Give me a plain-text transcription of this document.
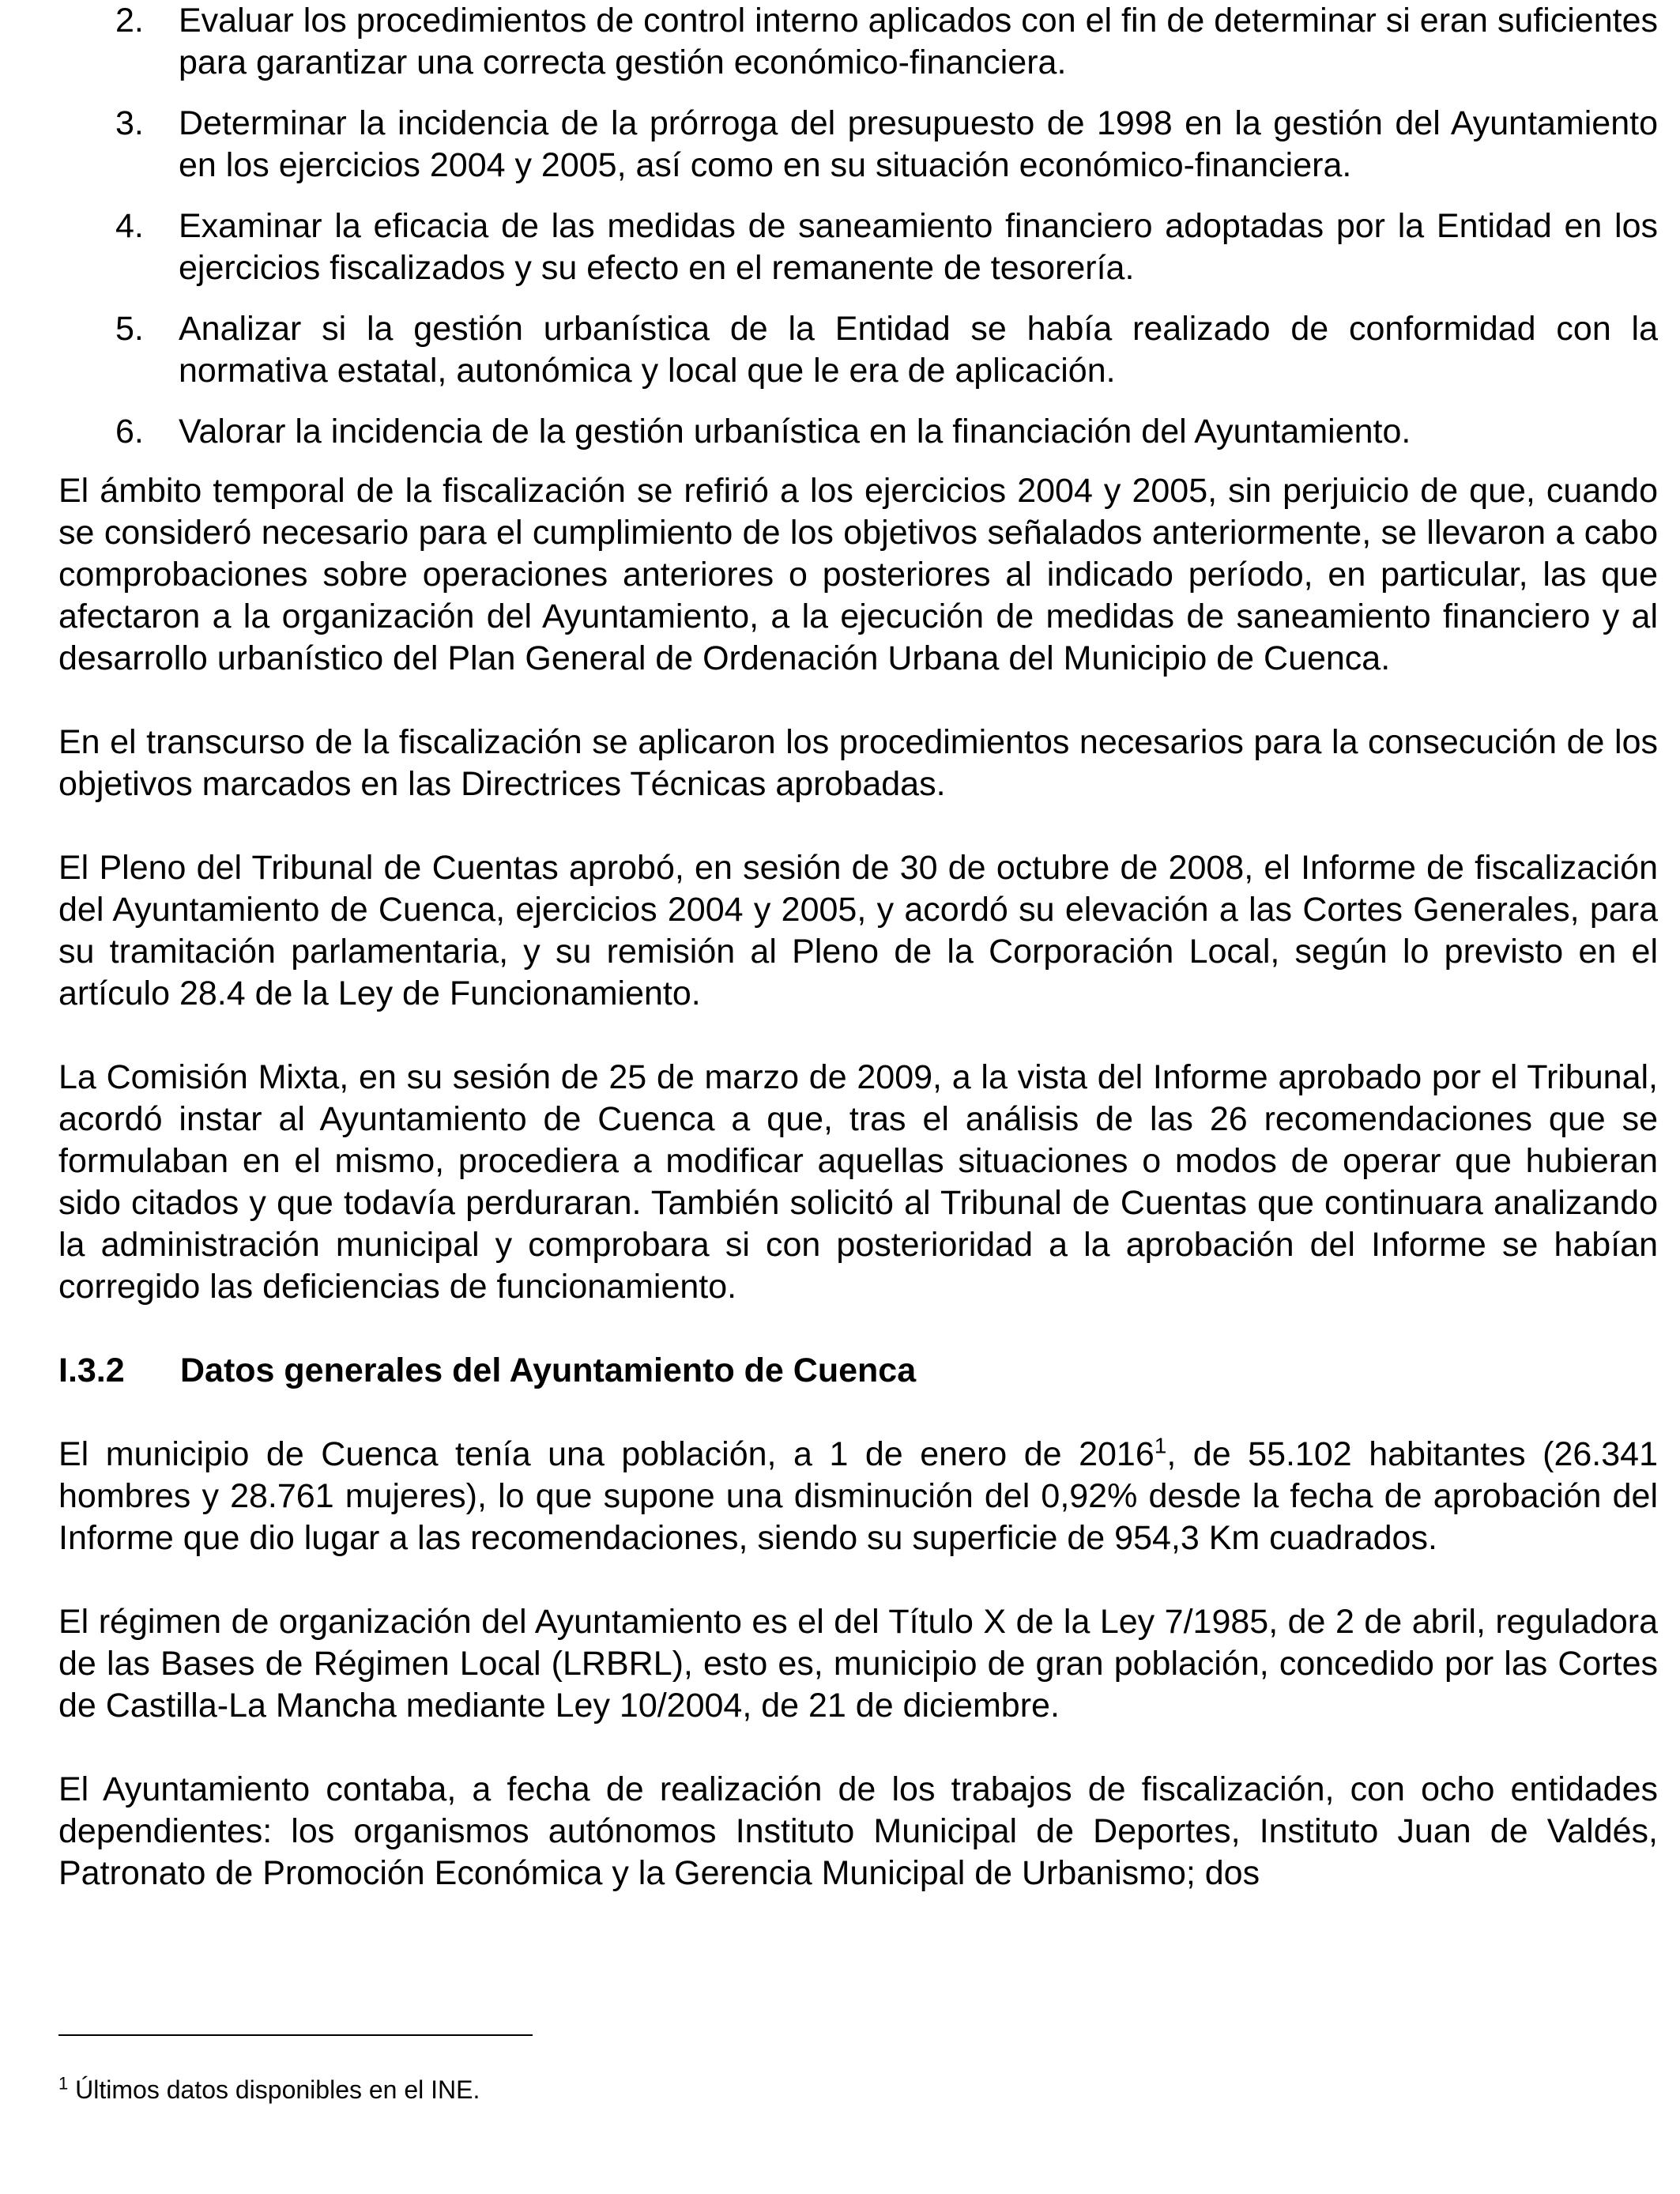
2. Evaluar los procedimientos de control interno aplicados con el fin de determinar si eran suficientes para garantizar una correcta gestión económico-financiera.
3. Determinar la incidencia de la prórroga del presupuesto de 1998 en la gestión del Ayuntamiento en los ejercicios 2004 y 2005, así como en su situación económico-financiera.
4. Examinar la eficacia de las medidas de saneamiento financiero adoptadas por la Entidad en los ejercicios fiscalizados y su efecto en el remanente de tesorería.
5. Analizar si la gestión urbanística de la Entidad se había realizado de conformidad con la normativa estatal, autonómica y local que le era de aplicación.
6. Valorar la incidencia de la gestión urbanística en la financiación del Ayuntamiento.

El ámbito temporal de la fiscalización se refirió a los ejercicios 2004 y 2005, sin perjuicio de que, cuando se consideró necesario para el cumplimiento de los objetivos señalados anteriormente, se llevaron a cabo comprobaciones sobre operaciones anteriores o posteriores al indicado período, en particular, las que afectaron a la organización del Ayuntamiento, a la ejecución de medidas de saneamiento financiero y al desarrollo urbanístico del Plan General de Ordenación Urbana del Municipio de Cuenca.

En el transcurso de la fiscalización se aplicaron los procedimientos necesarios para la consecución de los objetivos marcados en las Directrices Técnicas aprobadas.

El Pleno del Tribunal de Cuentas aprobó, en sesión de 30 de octubre de 2008, el Informe de fiscalización del Ayuntamiento de Cuenca, ejercicios 2004 y 2005, y acordó su elevación a las Cortes Generales, para su tramitación parlamentaria, y su remisión al Pleno de la Corporación Local, según lo previsto en el artículo 28.4 de la Ley de Funcionamiento.

La Comisión Mixta, en su sesión de 25 de marzo de 2009, a la vista del Informe aprobado por el Tribunal, acordó instar al Ayuntamiento de Cuenca a que, tras el análisis de las 26 recomendaciones que se formulaban en el mismo, procediera a modificar aquellas situaciones o modos de operar que hubieran sido citados y que todavía perduraran. También solicitó al Tribunal de Cuentas que continuara analizando la administración municipal y comprobara si con posterioridad a la aprobación del Informe se habían corregido las deficiencias de funcionamiento.

I.3.2	Datos generales del Ayuntamiento de Cuenca

El municipio de Cuenca tenía una población, a 1 de enero de 2016$^1$, de 55.102 habitantes (26.341 hombres y 28.761 mujeres), lo que supone una disminución del 0,92% desde la fecha de aprobación del Informe que dio lugar a las recomendaciones, siendo su superficie de 954,3 Km cuadrados.

El régimen de organización del Ayuntamiento es el del Título X de la Ley 7/1985, de 2 de abril, reguladora de las Bases de Régimen Local (LRBRL), esto es, municipio de gran población, concedido por las Cortes de Castilla-La Mancha mediante Ley 10/2004, de 21 de diciembre.

El Ayuntamiento contaba, a fecha de realización de los trabajos de fiscalización, con ocho entidades dependientes: los organismos autónomos Instituto Municipal de Deportes, Instituto Juan de Valdés, Patronato de Promoción Económica y la Gerencia Municipal de Urbanismo; dos

$^1$ Últimos datos disponibles en el INE.
